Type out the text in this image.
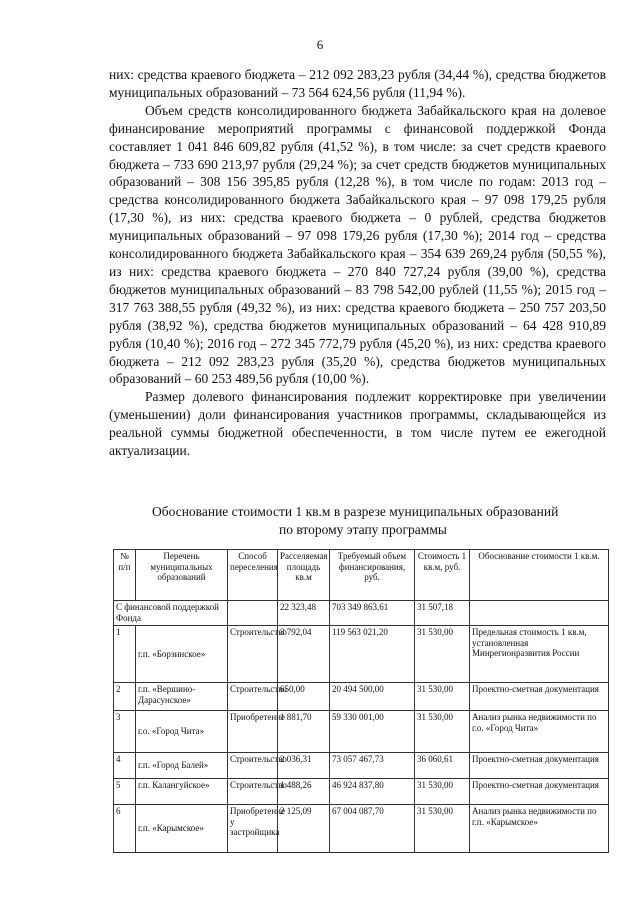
6

них: средства краевого бюджета – 212 092 283,23 рубля (34,44 %), средства бюджетов муниципальных образований – 73 564 624,56 рубля (11,94 %).

Объем средств консолидированного бюджета Забайкальского края на долевое финансирование мероприятий программы с финансовой поддержкой Фонда составляет 1 041 846 609,82 рубля (41,52 %), в том числе: за счет средств краевого бюджета – 733 690 213,97 рубля (29,24 %); за счет средств бюджетов муниципальных образований – 308 156 395,85 рубля (12,28 %), в том числе по годам: 2013 год – средства консолидированного бюджета Забайкальского края – 97 098 179,25 рубля (17,30 %), из них: средства краевого бюджета – 0 рублей, средства бюджетов муниципальных образований – 97 098 179,26 рубля (17,30 %); 2014 год – средства консолидированного бюджета Забайкальского края – 354 639 269,24 рубля (50,55 %), из них: средства краевого бюджета – 270 840 727,24 рубля (39,00 %), средства бюджетов муниципальных образований – 83 798 542,00 рублей (11,55 %); 2015 год – 317 763 388,55 рубля (49,32 %), из них: средства краевого бюджета – 250 757 203,50 рубля (38,92 %), средства бюджетов муниципальных образований – 64 428 910,89 рубля (10,40 %); 2016 год – 272 345 772,79 рубля (45,20 %), из них: средства краевого бюджета – 212 092 283,23 рубля (35,20 %), средства бюджетов муниципальных образований – 60 253 489,56 рубля (10,00 %).

Размер долевого финансирования подлежит корректировке при увеличении (уменьшении) доли финансирования участников программы, складывающейся из реальной суммы бюджетной обеспеченности, в том числе путем ее ежегодной актуализации.

Обоснование стоимости 1 кв.м в разрезе муниципальных образований
по второму этапу программы
№ п/п	Перечень муниципальных образований	Способ переселения	Расселяемая площадь кв.м	Требуемый объем финансирования, руб.	Стоимость 1 кв.м, руб.	Обоснование стоимости 1 кв.м.
С финансовой поддержкой Фонда			22 323,48	703 349 863,61	31 507,18	
1	г.п. «Борзинское»	Строительство	3 792,04	119 563 021,20	31 530,00	Предельная стоимость 1 кв.м, установленная Минрегионразвития России
2	г.п. «Вершино-Дарасунское»	Строительство	650,00	20 494 500,00	31 530,00	Проектно-сметная документация
3	г.о. «Город Чита»	Приобретение	1 881,70	59 330 001,00	31 530,00	Анализ рынка недвижимости по г.о. «Город Чита»
4	г.п. «Город Балей»	Строительство	2 036,31	73 057 467,73	36 060,61	Проектно-сметная документация
5	г.п. Калангуйское»	Строительство	1 488,26	46 924 837,80	31 530,00	Проектно-сметная документация
6	г.п. «Карымское»	Приобретение у застройщика	2 125,09	67 004 087,70	31 530,00	Анализ рынка недвижимости по г.п. «Карымское»
